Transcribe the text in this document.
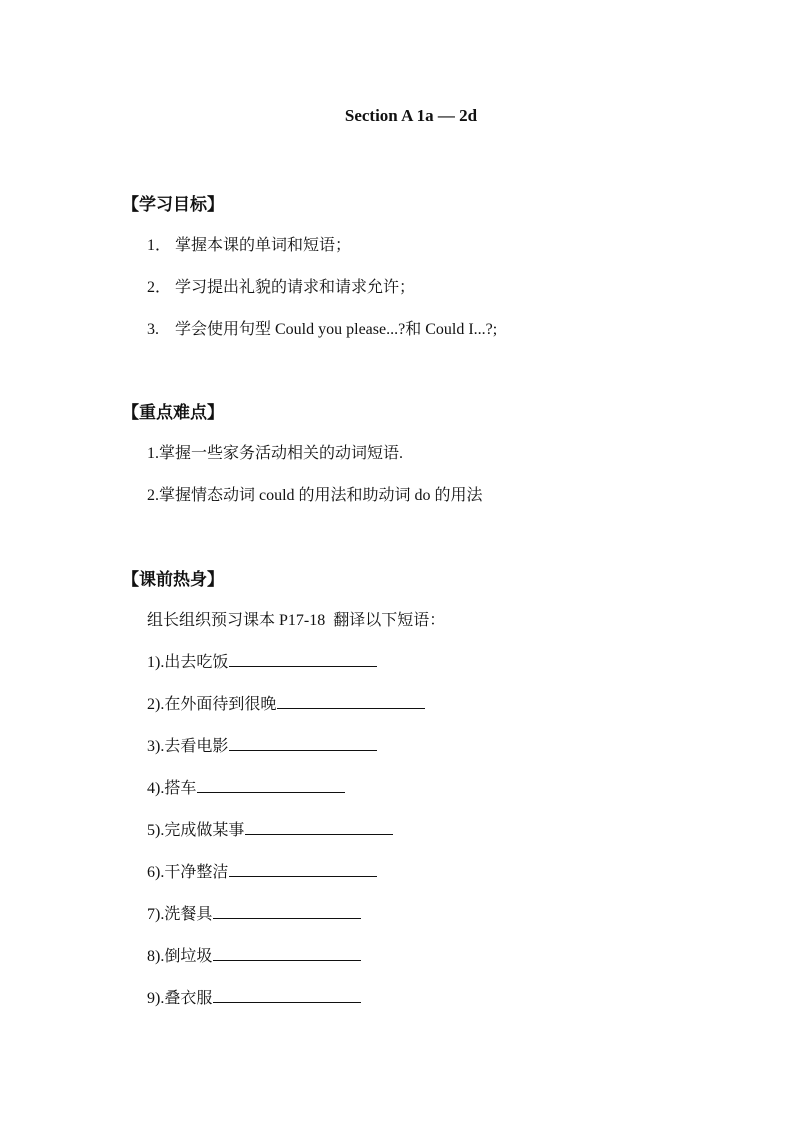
Section A 1a — 2d
【学习目标】
1． 掌握本课的单词和短语；
2． 学习提出礼貌的请求和请求允许；
3.    学会使用句型 Could you please...?和 Could I...?;
【重点难点】
1.掌握一些家务活动相关的动词短语.
2.掌握情态动词 could 的用法和助动词 do 的用法
【课前热身】
组长组织预习课本 P17-18  翻译以下短语：
1).出去吃饭
2).在外面待到很晚
3).去看电影
4).搭车
5).完成做某事
6).干净整洁
7).洗餐具
8).倒垃圾
9).叠衣服
